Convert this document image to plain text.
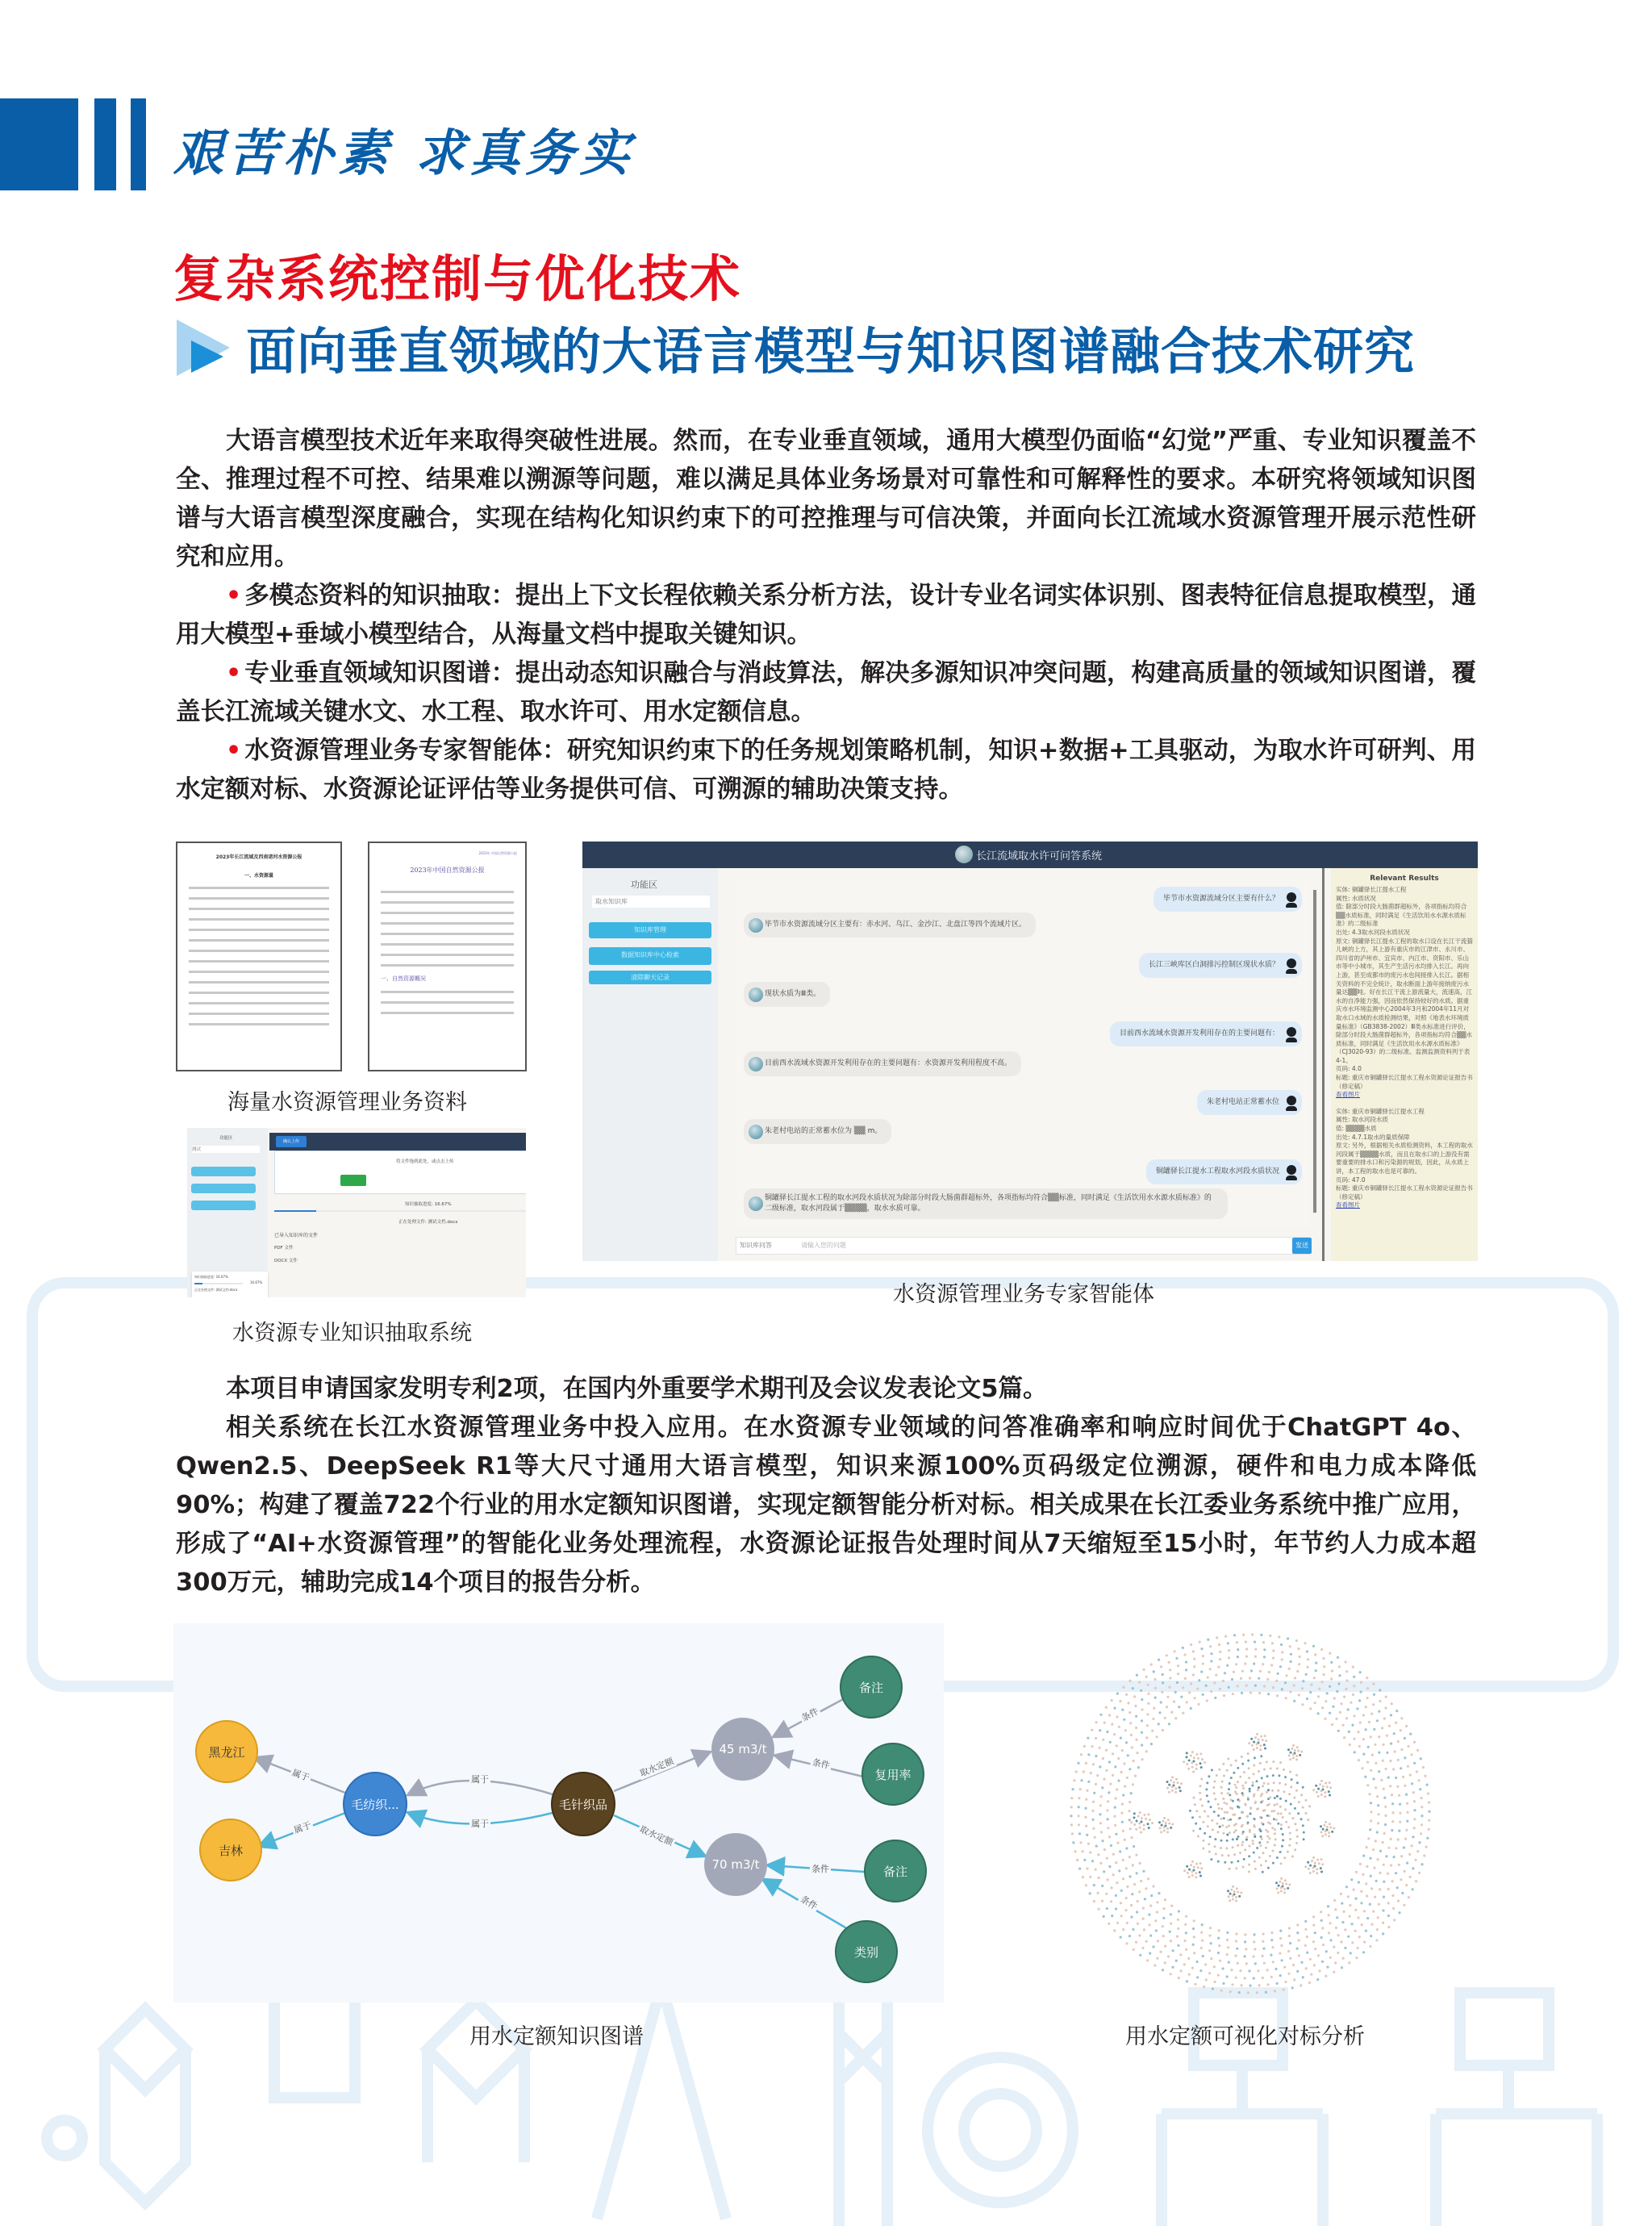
艰苦朴素 求真务实
复杂系统控制与优化技术
面向垂直领域的大语言模型与知识图谱融合技术研究

大语言模型技术近年来取得突破性进展。然而，在专业垂直领域，通用大模型仍面临“幻觉”严重、专业知识覆盖不全、推理过程不可控、结果难以溯源等问题，难以满足具体业务场景对可靠性和可解释性的要求。本研究将领域知识图谱与大语言模型深度融合，实现在结构化知识约束下的可控推理与可信决策，并面向长江流域水资源管理开展示范性研究和应用。

• 多模态资料的知识抽取：提出上下文长程依赖关系分析方法，设计专业名词实体识别、图表特征信息提取模型，通用大模型+垂域小模型结合，从海量文档中提取关键知识。

• 专业垂直领域知识图谱：提出动态知识融合与消歧算法，解决多源知识冲突问题，构建高质量的领域知识图谱，覆盖长江流域关键水文、水工程、取水许可、用水定额信息。

• 水资源管理业务专家智能体：研究知识约束下的任务规划策略机制，知识+数据+工具驱动，为取水许可研判、用水定额对标、水资源论证评估等业务提供可信、可溯源的辅助决策支持。

2023年长江流域及西南诸河水资源公报
一、水资源量
2023年 中国自然资源公报
2023年中国自然资源公报
一、自然资源概况
海量水资源管理业务资料
功能区
测试
确认上传
将文件拖到此处，或点击上传
知识抽取进度: 16.67%
正在处理文件: 测试文档.docx
已导入知识库的文件
PDF 文件
DOCX 文件
知识抽取进度: 16.67%
16.67%
正在处理文件: 测试文档.docx
水资源专业知识抽取系统
长江流域取水许可问答系统
功能区
取水知识库
知识库管理
数据知识库中心检索
清除聊天记录
毕节市水资源流域分区主要有什么？
毕节市水资源流域分区主要有：赤水河、乌江、金沙江、北盘江等四个流域片区。
长江三峡库区白洞排污控制区现状水质？
现状水质为Ⅲ类。
目前西水流域水资源开发利用存在的主要问题有：
目前西水流域水资源开发利用存在的主要问题有：水资源开发利用程度不高。
朱老村电站正常蓄水位
朱老村电站的正常蓄水位为 ▒▒ m。
铜罐驿长江提水工程取水河段水质状况
铜罐驿长江提水工程的取水河段水质状况为除部分时段大肠菌群超标外，各项指标均符合▒▒标准，同时满足《生活饮用水水源水质标准》的二级标准，取水河段属于▒▒▒▒，取水水质可靠。
知识库问答	请输入您的问题	发送
Relevant Results
实体: 铜罐驿长江提水工程
属性: 水质状况
值: 除部分时段大肠菌群超标外，各项指标均符合▒▒水质标准，同时满足《生活饮用水水源水质标准》的二级标准
出处: 4.3取水河段水质状况
原文: 铜罐驿长江提水工程的取水口设在长江干流猫儿峡的上方，其上游有重庆市的江津市、永川市、四川省的泸州市、宜宾市、内江市、资阳市、乐山市等中小城市，其生产生活污水均排入长江。再向上游，甚至成都市的废污水也间接排入长江。据相关资料的不完全统计，取水断面上游年接纳废污水量达▒▒吨。好在长江干流上游流量大，流速高，江水的自净能力强，因而依然保持较好的水质。据重庆市水环境监测中心2004年3月和2004年11月对取水口水域的水质检测结果，对照《地表水环境质量标准》（GB3838-2002）Ⅲ类水标准进行评价，除部分时段大肠菌群超标外，各项指标均符合▒▒水质标准，同时满足《生活饮用水水源水质标准》（CJ3020-93）的二级标准。监测监测资料列于表4-1。
页码: 4.0
标题: 重庆市铜罐驿长江提水工程水资源论证报告书（修定稿）
查看图片
实体: 重庆市铜罐驿长江提水工程
属性: 取水河段水质
值: ▒▒▒▒水质
出处: 4.7.1取水的量质保障
原文: 另外，根据相关水质检测资料，本工程的取水河段属于▒▒▒▒水质，而且在取水口的上游没有需要重要的排水口和污染源的规划，因此，从水质上讲，本工程的取水也是可靠的。
页码: 47.0
标题: 重庆市铜罐驿长江提水工程水资源论证报告书（修定稿）
查看图片
水资源管理业务专家智能体

本项目申请国家发明专利2项，在国内外重要学术期刊及会议发表论文5篇。

相关系统在长江水资源管理业务中投入应用。在水资源专业领域的问答准确率和响应时间优于ChatGPT 4o、Qwen2.5、DeepSeek R1等大尺寸通用大语言模型，知识来源100%页码级定位溯源，硬件和电力成本降低90%；构建了覆盖722个行业的用水定额知识图谱，实现定额智能分析对标。相关成果在长江委业务系统中推广应用，形成了“AI+水资源管理”的智能化业务处理流程，水资源论证报告处理时间从7天缩短至15小时，年节约人力成本超300万元，辅助完成14个项目的报告分析。

黑龙江
吉林
毛纺织...	毛针织品
45 m3/t
70 m3/t
备注
复用率
备注
类别
属于
属于
属于
属于
取水定额
取水定额
条件
条件
条件
条件
用水定额知识图谱	用水定额可视化对标分析
